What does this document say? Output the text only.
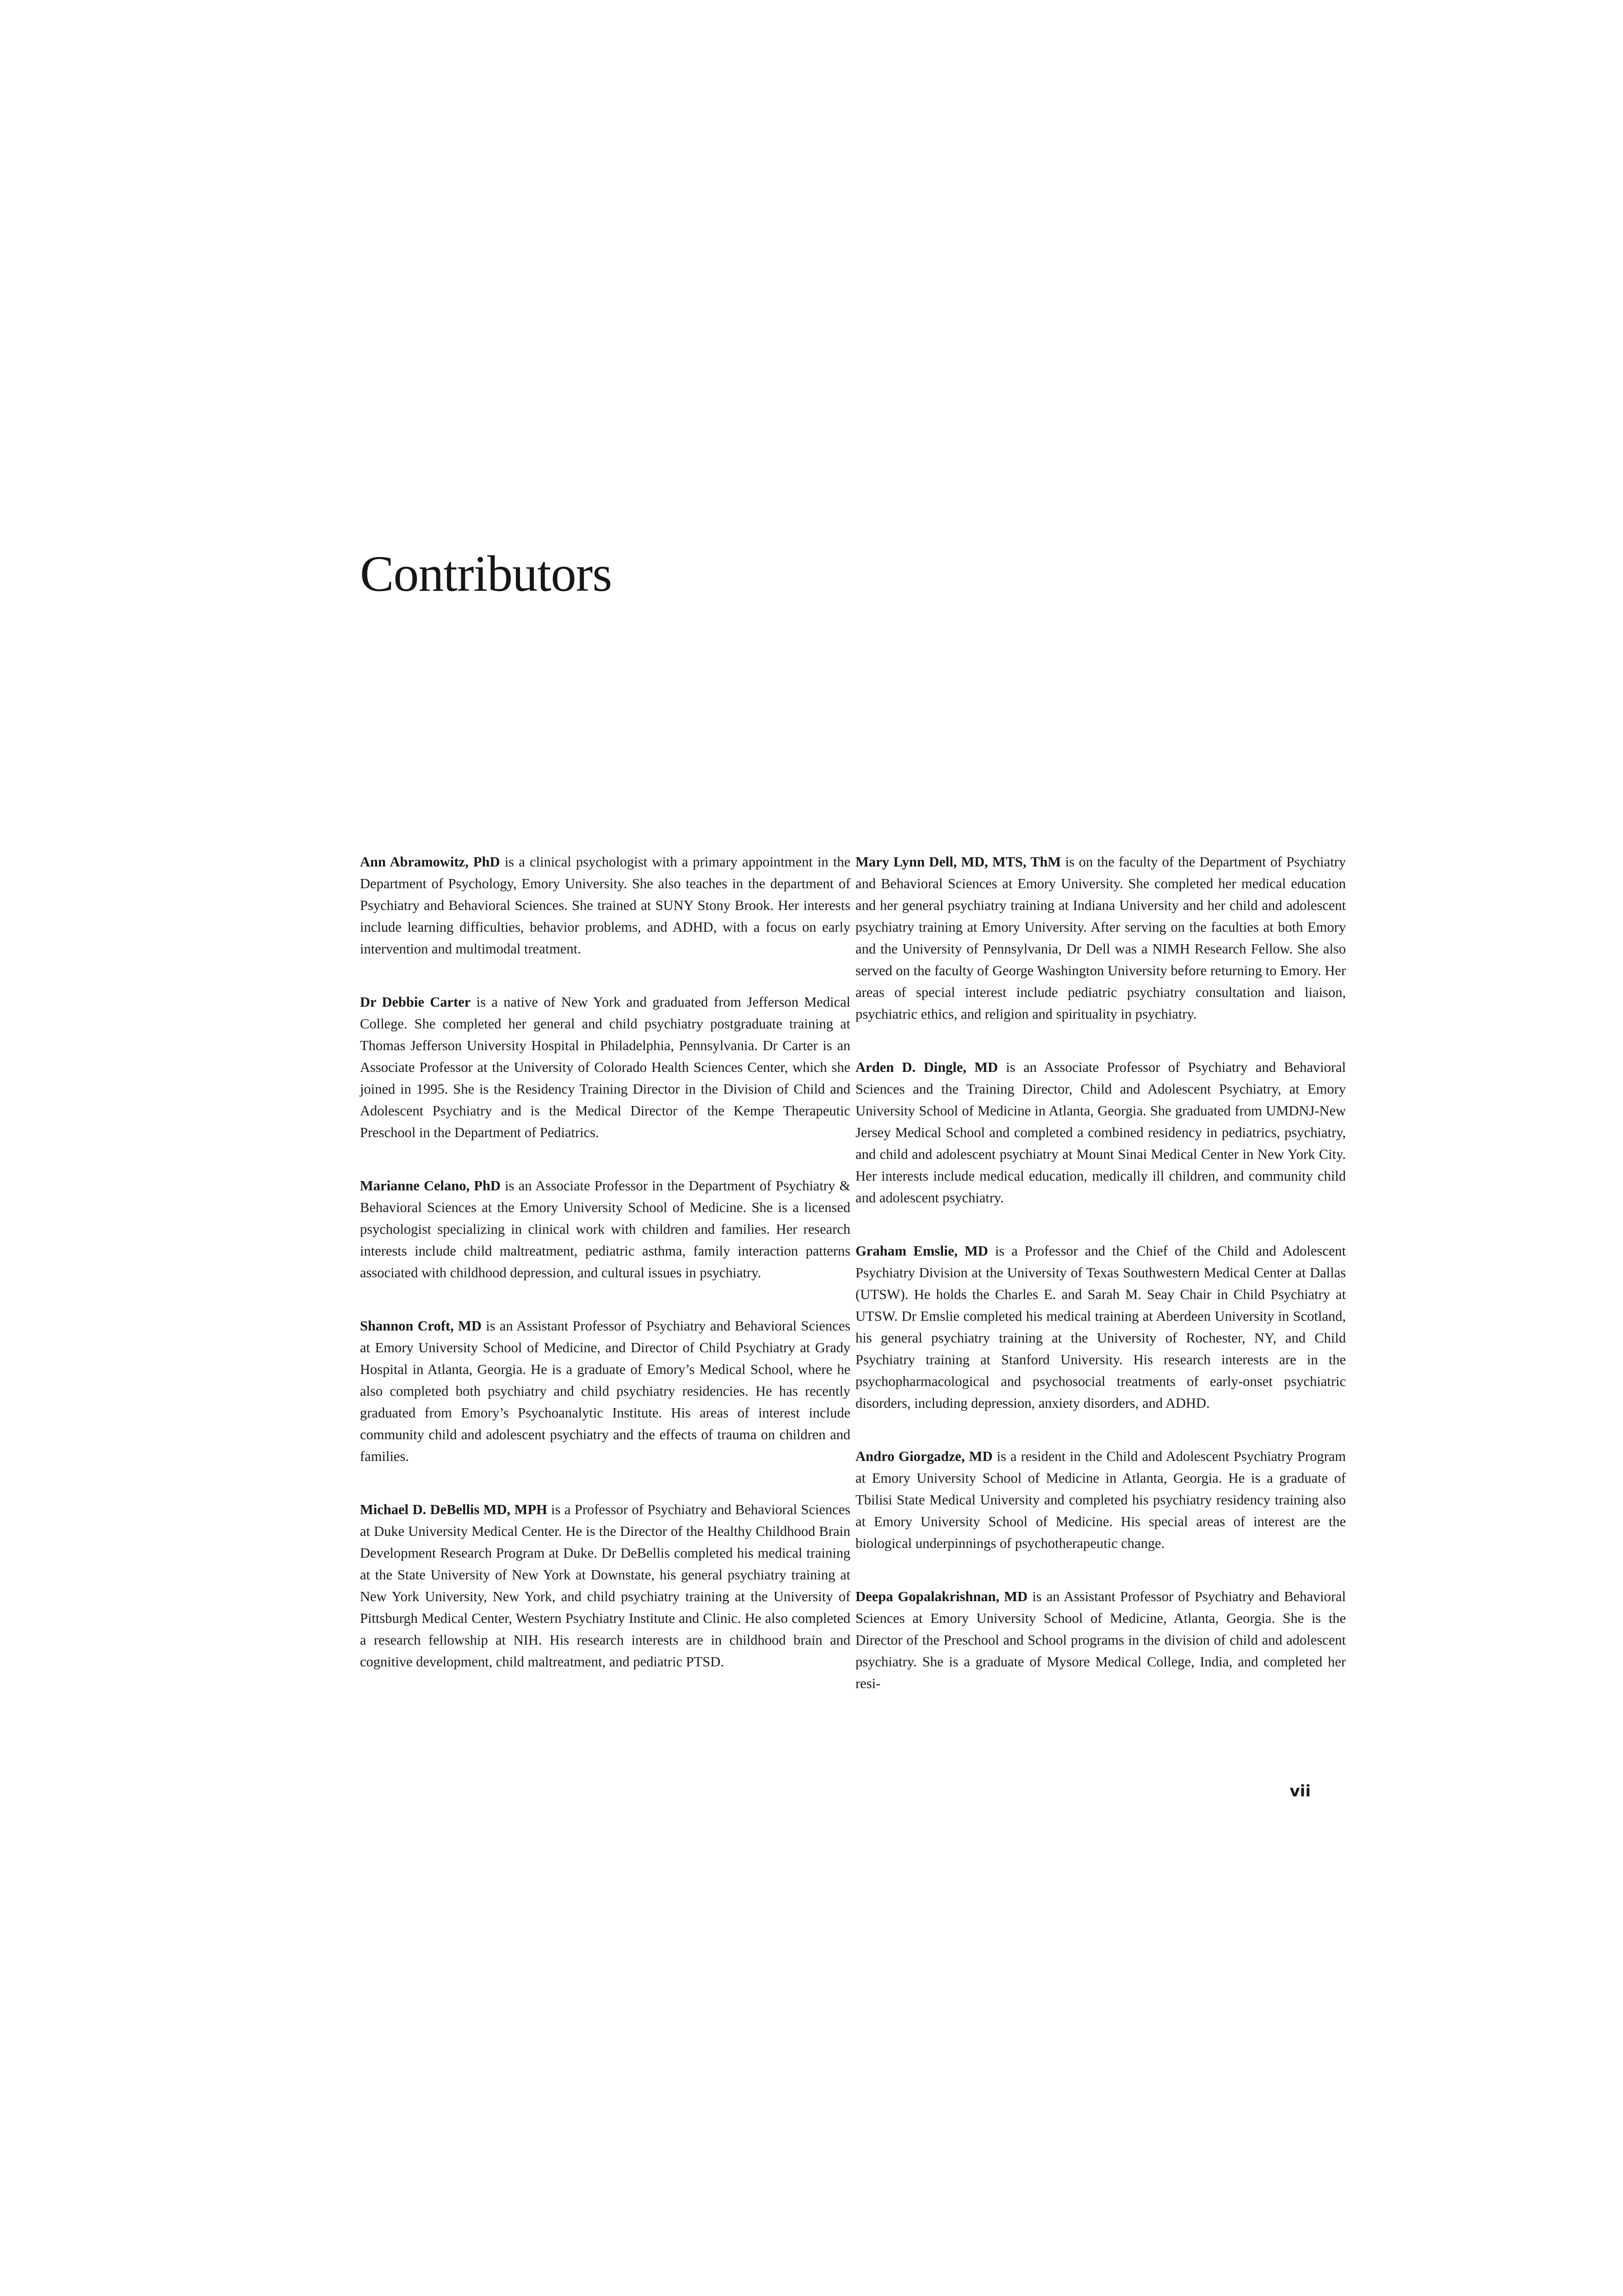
Contributors

Ann Abramowitz, PhD is a clinical psychologist with a primary appointment in the Department of Psychology, Emory University. She also teaches in the department of Psychiatry and Behavioral Sciences. She trained at SUNY Stony Brook. Her interests include learning difficulties, behavior problems, and ADHD, with a focus on early intervention and multimodal treatment.

Dr Debbie Carter is a native of New York and graduated from Jefferson Medical College. She completed her general and child psychiatry postgraduate training at Thomas Jefferson University Hospital in Philadelphia, Pennsylvania. Dr Carter is an Associate Professor at the University of Colorado Health Sciences Center, which she joined in 1995. She is the Residency Training Director in the Division of Child and Adolescent Psychiatry and is the Medical Director of the Kempe Therapeutic Preschool in the Department of Pediatrics.

Marianne Celano, PhD is an Associate Professor in the Department of Psychiatry & Behavioral Sciences at the Emory University School of Medicine. She is a licensed psychologist specializing in clinical work with children and families. Her research interests include child maltreatment, pediatric asthma, family interaction patterns associated with childhood depression, and cultural issues in psychiatry.

Shannon Croft, MD is an Assistant Professor of Psychiatry and Behavioral Sciences at Emory University School of Medicine, and Director of Child Psychiatry at Grady Hospital in Atlanta, Georgia. He is a graduate of Emory’s Medical School, where he also completed both psychiatry and child psychiatry residencies. He has recently graduated from Emory’s Psychoanalytic Institute. His areas of interest include community child and adolescent psychiatry and the effects of trauma on children and families.

Michael D. DeBellis MD, MPH is a Professor of Psychiatry and Behavioral Sciences at Duke University Medical Center. He is the Director of the Healthy Childhood Brain Development Research Program at Duke. Dr DeBellis completed his medical training at the State University of New York at Downstate, his general psychiatry training at New York University, New York, and child psychiatry training at the University of Pittsburgh Medical Center, Western Psychiatry Institute and Clinic. He also completed a research fellowship at NIH. His research interests are in childhood brain and cognitive development, child maltreatment, and pediatric PTSD.

Mary Lynn Dell, MD, MTS, ThM is on the faculty of the Department of Psychiatry and Behavioral Sciences at Emory University. She completed her medical education and her general psychiatry training at Indiana University and her child and adolescent psychiatry training at Emory University. After serving on the faculties at both Emory and the University of Pennsylvania, Dr Dell was a NIMH Research Fellow. She also served on the faculty of George Washington University before returning to Emory. Her areas of special interest include pediatric psychiatry consultation and liaison, psychiatric ethics, and religion and spirituality in psychiatry.

Arden D. Dingle, MD is an Associate Professor of Psychiatry and Behavioral Sciences and the Training Director, Child and Adolescent Psychiatry, at Emory University School of Medicine in Atlanta, Georgia. She graduated from UMDNJ-New Jersey Medical School and completed a combined residency in pediatrics, psychiatry, and child and adolescent psychiatry at Mount Sinai Medical Center in New York City. Her interests include medical education, medically ill children, and community child and adolescent psychiatry.

Graham Emslie, MD is a Professor and the Chief of the Child and Adolescent Psychiatry Division at the University of Texas Southwestern Medical Center at Dallas (UTSW). He holds the Charles E. and Sarah M. Seay Chair in Child Psychiatry at UTSW. Dr Emslie completed his medical training at Aberdeen University in Scotland, his general psychiatry training at the University of Rochester, NY, and Child Psychiatry training at Stanford University. His research interests are in the psychopharmacological and psychosocial treatments of early-onset psychiatric disorders, including depression, anxiety disorders, and ADHD.

Andro Giorgadze, MD is a resident in the Child and Adolescent Psychiatry Program at Emory University School of Medicine in Atlanta, Georgia. He is a graduate of Tbilisi State Medical University and completed his psychiatry residency training also at Emory University School of Medicine. His special areas of interest are the biological underpinnings of psychotherapeutic change.

Deepa Gopalakrishnan, MD is an Assistant Professor of Psychiatry and Behavioral Sciences at Emory University School of Medicine, Atlanta, Georgia. She is the Director of the Preschool and School programs in the division of child and adolescent psychiatry. She is a graduate of Mysore Medical College, India, and completed her resi-

vii
